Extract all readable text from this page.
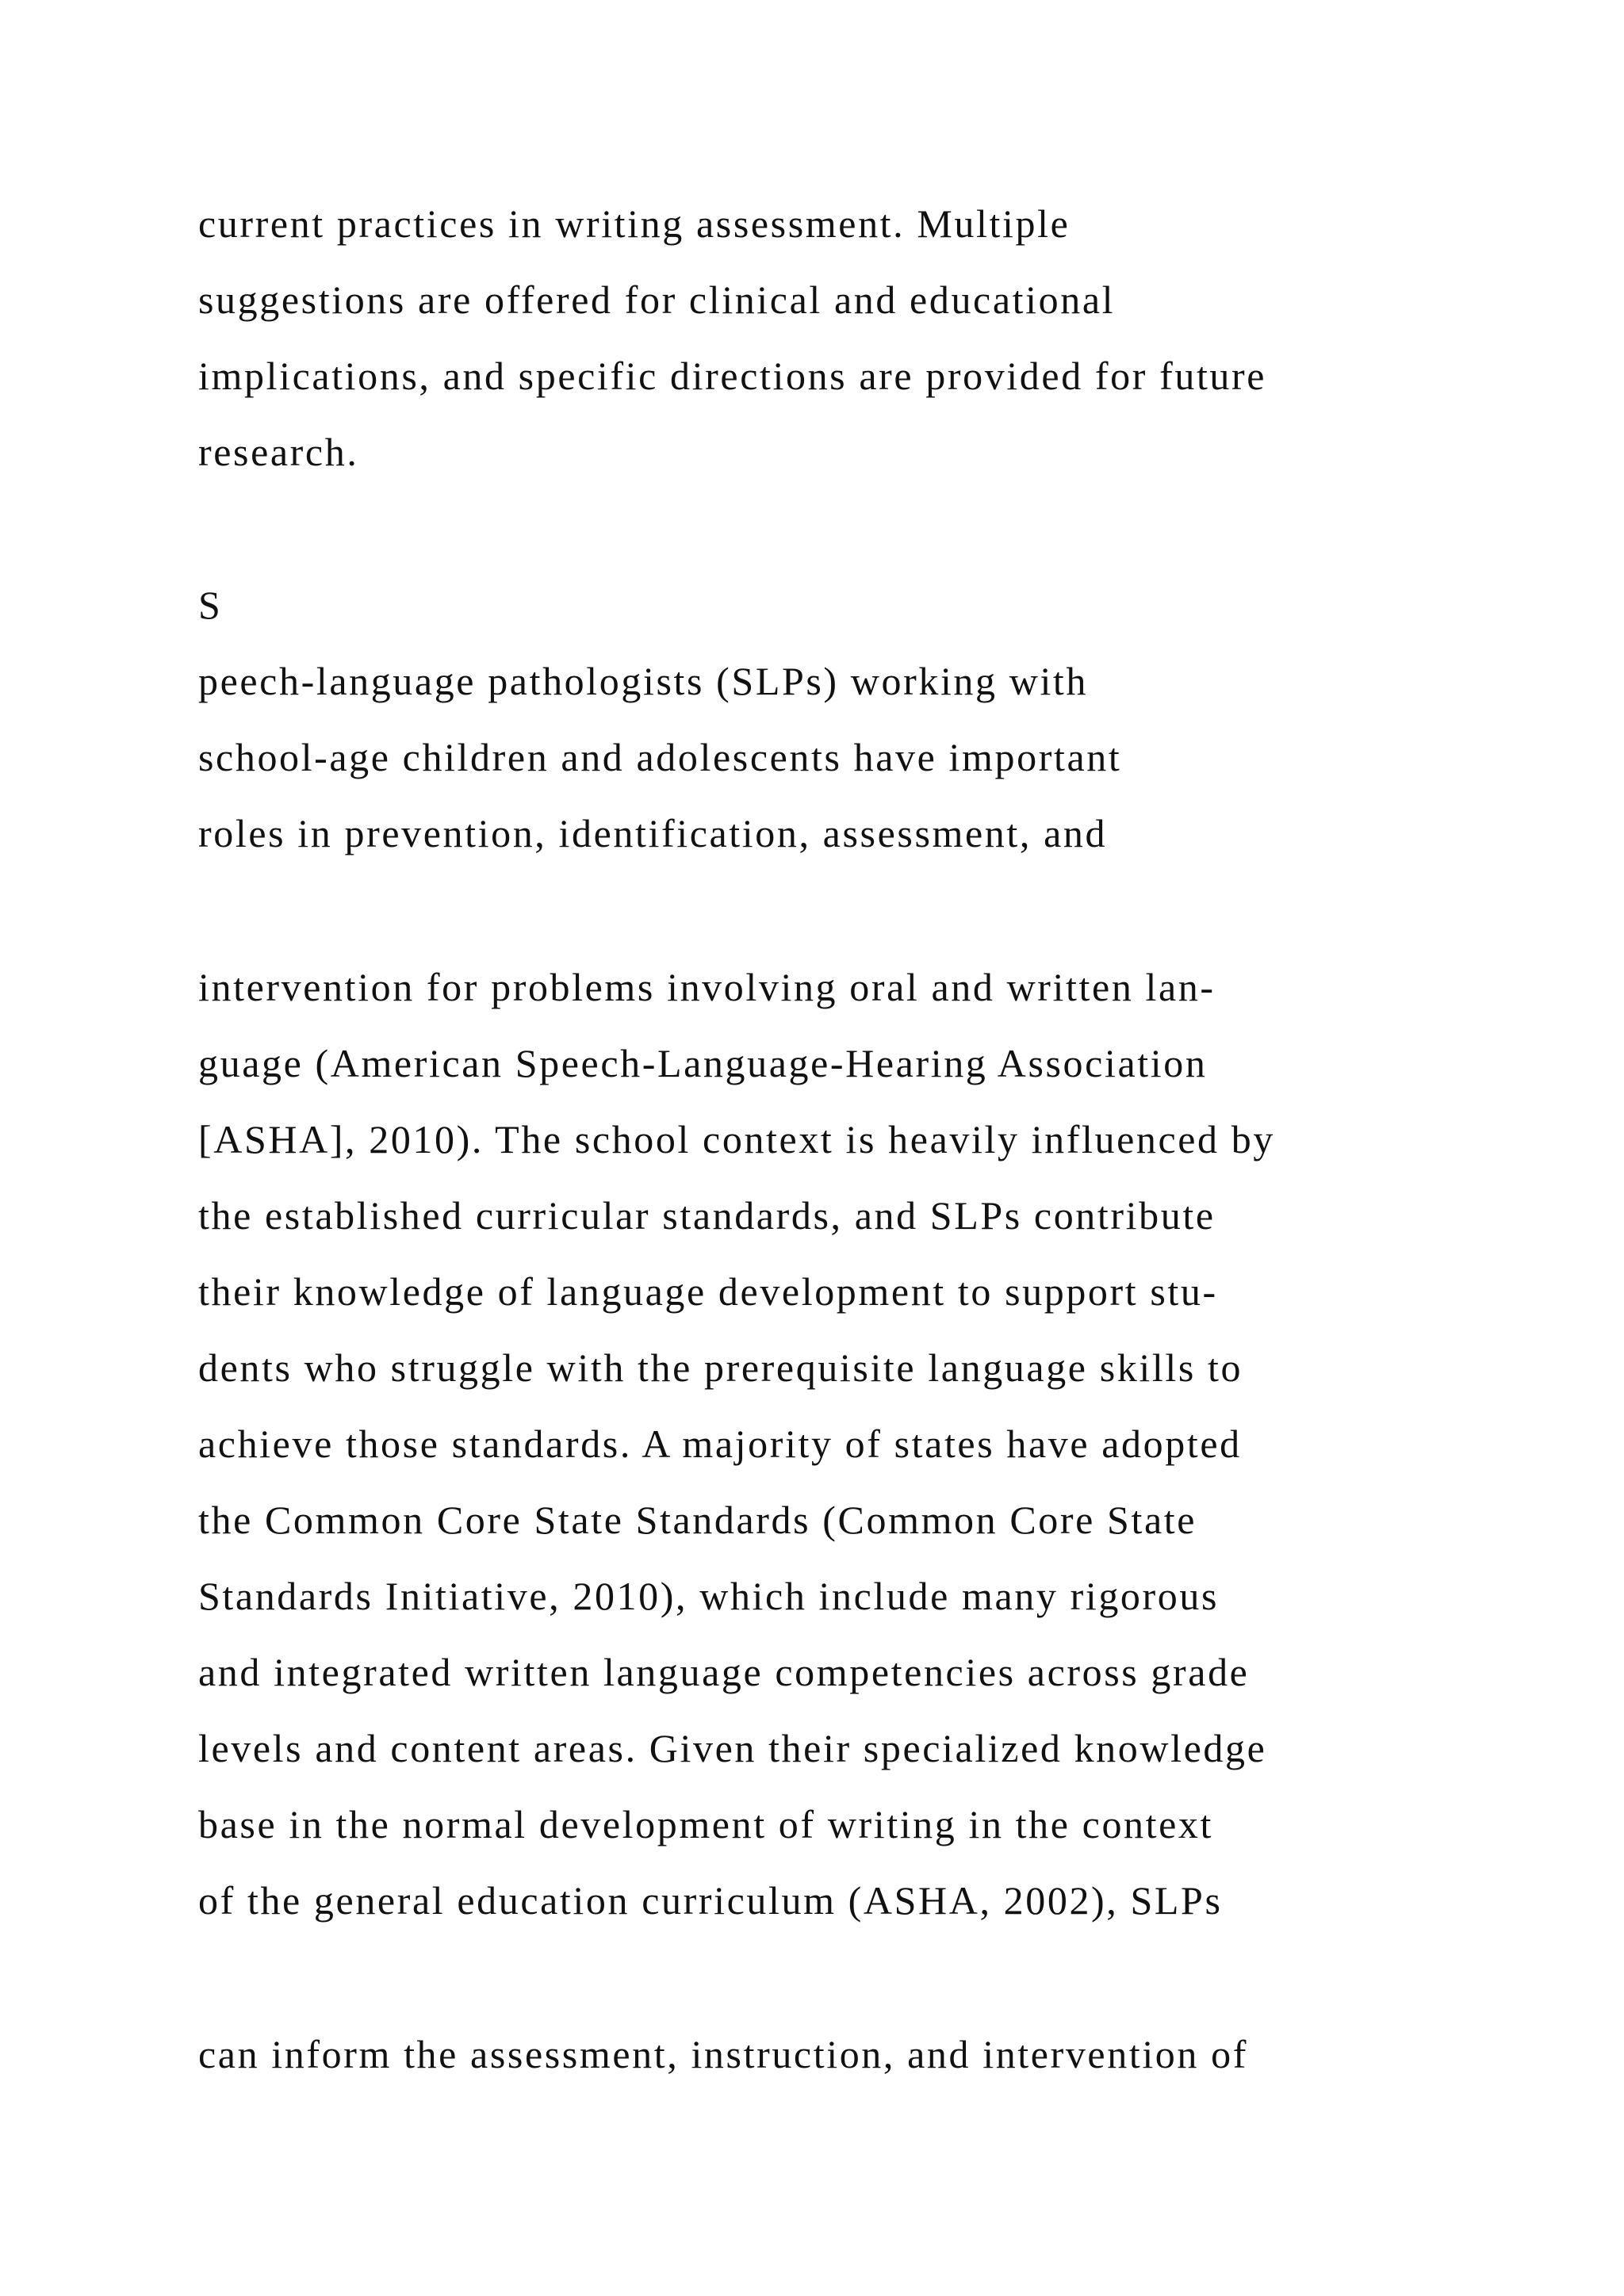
current practices in writing assessment. Multiple

suggestions are offered for clinical and educational

implications, and specific directions are provided for future

research.

S

peech-language pathologists (SLPs) working with

school-age children and adolescents have important

roles in prevention, identification, assessment, and

intervention for problems involving oral and written lan-

guage (American Speech-Language-Hearing Association

[ASHA], 2010). The school context is heavily influenced by

the established curricular standards, and SLPs contribute

their knowledge of language development to support stu-

dents who struggle with the prerequisite language skills to

achieve those standards. A majority of states have adopted

the Common Core State Standards (Common Core State

Standards Initiative, 2010), which include many rigorous

and integrated written language competencies across grade

levels and content areas. Given their specialized knowledge

base in the normal development of writing in the context

of the general education curriculum (ASHA, 2002), SLPs

can inform the assessment, instruction, and intervention of
